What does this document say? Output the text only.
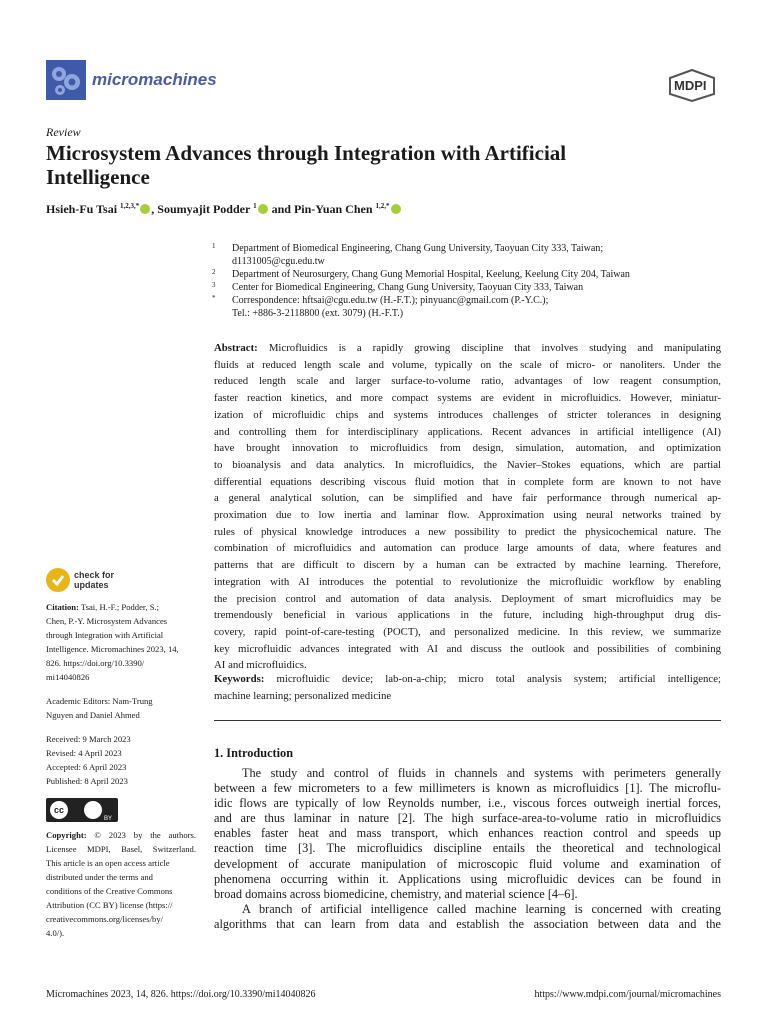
micromachines	MDPI
Review
Microsystem Advances through Integration with Artificial Intelligence
Hsieh-Fu Tsai $^{1,2,3,*}$ , Soumyajit Podder $^1$ and Pin-Yuan Chen $^{1,2,*}$
1 Department of Biomedical Engineering, Chang Gung University, Taoyuan City 333, Taiwan;
d1131005@cgu.edu.tw
2 Department of Neurosurgery, Chang Gung Memorial Hospital, Keelung, Keelung City 204, Taiwan
3 Center for Biomedical Engineering, Chang Gung University, Taoyuan City 333, Taiwan
* Correspondence: hftsai@cgu.edu.tw (H.-F.T.); pinyuanc@gmail.com (P.-Y.C.);
Tel.: +886-3-2118800 (ext. 3079) (H.-F.T.)
Abstract: Microfluidics is a rapidly growing discipline that involves studying and manipulating
fluids at reduced length scale and volume, typically on the scale of micro- or nanoliters. Under the
reduced length scale and larger surface-to-volume ratio, advantages of low reagent consumption,
faster reaction kinetics, and more compact systems are evident in microfluidics. However, miniatur-
ization of microfluidic chips and systems introduces challenges of stricter tolerances in designing
and controlling them for interdisciplinary applications. Recent advances in artificial intelligence (AI)
have brought innovation to microfluidics from design, simulation, automation, and optimization
to bioanalysis and data analytics. In microfluidics, the Navier–Stokes equations, which are partial
differential equations describing viscous fluid motion that in complete form are known to not have
a general analytical solution, can be simplified and have fair performance through numerical ap-
proximation due to low inertia and laminar flow. Approximation using neural networks trained by
rules of physical knowledge introduces a new possibility to predict the physicochemical nature. The
combination of microfluidics and automation can produce large amounts of data, where features and
patterns that are difficult to discern by a human can be extracted by machine learning. Therefore,
integration with AI introduces the potential to revolutionize the microfluidic workflow by enabling
the precision control and automation of data analysis. Deployment of smart microfluidics may be
tremendously beneficial in various applications in the future, including high-throughput drug dis-
covery, rapid point-of-care-testing (POCT), and personalized medicine. In this review, we summarize
key microfluidic advances integrated with AI and discuss the outlook and possibilities of combining
AI and microfluidics.
Keywords: microfluidic device; lab-on-a-chip; micro total analysis system; artificial intelligence;
machine learning; personalized medicine
check for
updates
Citation: Tsai, H.-F.; Podder, S.;
Chen, P.-Y. Microsystem Advances
through Integration with Artificial
Intelligence. Micromachines 2023, 14,
826. https://doi.org/10.3390/
mi14040826
Academic Editors: Nam-Trung
Nguyen and Daniel Ahmed
Received: 9 March 2023
Revised: 4 April 2023
Accepted: 6 April 2023
Published: 8 April 2023
cc
BY
Copyright: © 2023 by the authors.
Licensee MDPI, Basel, Switzerland.
This article is an open access article
distributed under the terms and
conditions of the Creative Commons
Attribution (CC BY) license (https://
creativecommons.org/licenses/by/
4.0/).
1. Introduction
The study and control of fluids in channels and systems with perimeters generally
between a few micrometers to a few millimeters is known as microfluidics [1]. The microflu-
idic flows are typically of low Reynolds number, i.e., viscous forces outweigh inertial forces,
and are thus laminar in nature [2]. The high surface-area-to-volume ratio in microfluidics
enables faster heat and mass transport, which enhances reaction control and speeds up
reaction time [3]. The microfluidics discipline entails the theoretical and technological
development of accurate manipulation of microscopic fluid volume and examination of
phenomena occurring within it. Applications using microfluidic devices can be found in
broad domains across biomedicine, chemistry, and material science [4–6].
A branch of artificial intelligence called machine learning is concerned with creating
algorithms that can learn from data and establish the association between data and the
Micromachines 2023, 14, 826. https://doi.org/10.3390/mi14040826	https://www.mdpi.com/journal/micromachines
